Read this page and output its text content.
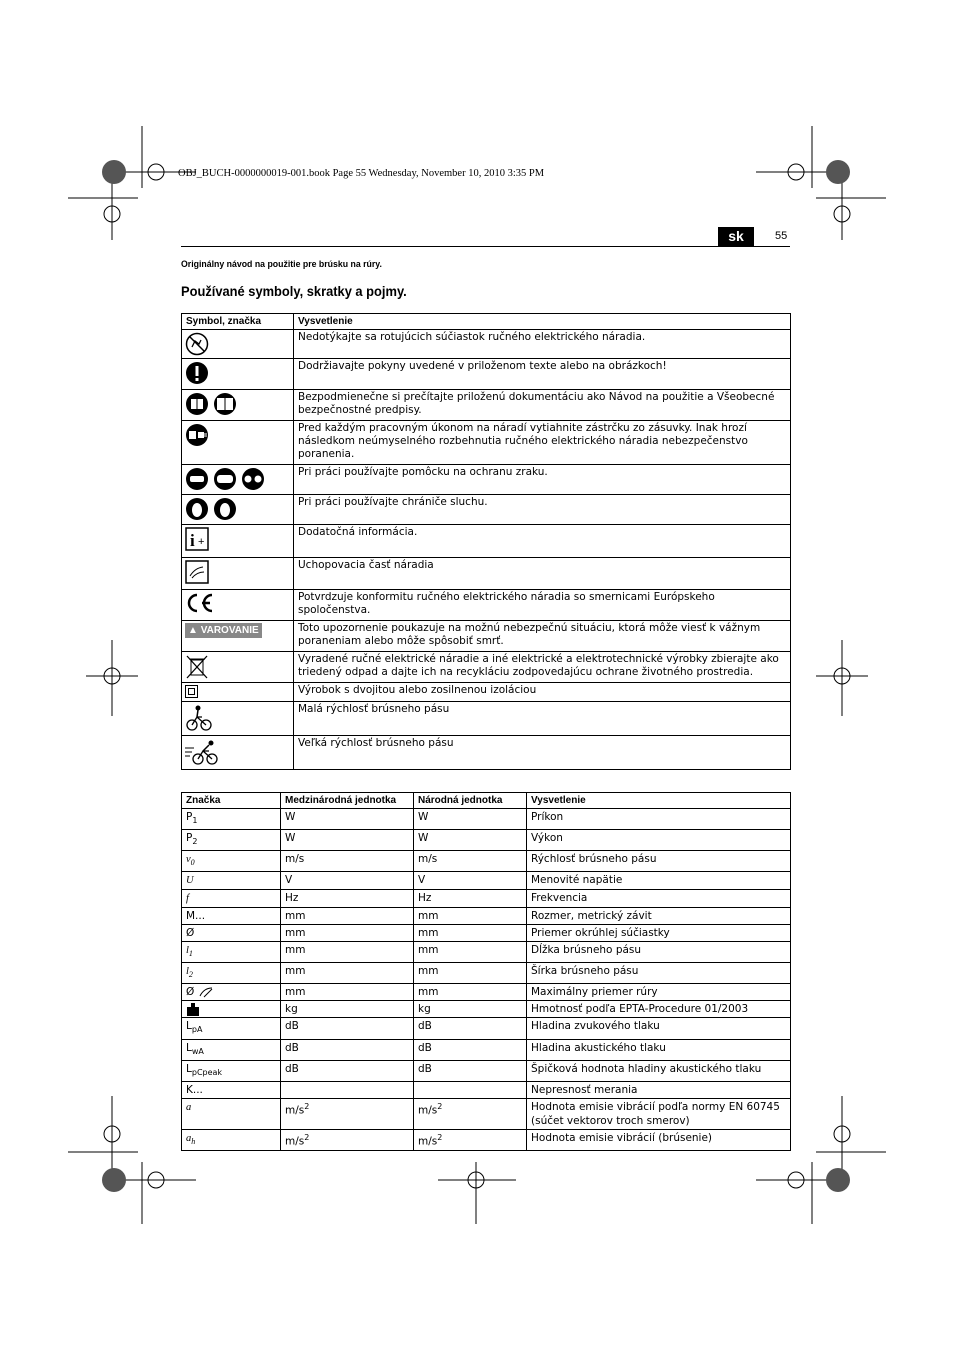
OBJ_BUCH-0000000019-001.book Page 55 Wednesday, November 10, 2010 3:35 PM
sk	55
Originálny návod na použitie pre brúsku na rúry.
Používané symboly, skratky a pojmy.
Symbol, značka	Vysvetlenie
	Nedotýkajte sa rotujúcich súčiastok ručného elektrického náradia.
	Dodržiavajte pokyny uvedené v priloženom texte alebo na obrázkoch!
	Bezpodmienečne si prečítajte priloženú dokumentáciu ako Návod na použitie a Všeobecné bezpečnostné predpisy.
	Pred každým pracovným úkonom na náradí vytiahnite zástrčku zo zásuvky. Inak hrozí následkom neúmyselného rozbehnutia ručného elektrického náradia nebezpečenstvo poranenia.
	Pri práci používajte pomôcku na ochranu zraku.
	Pri práci používajte chrániče sluchu.

i +	Dodatočná informácia.
	Uchopovacia časť náradia
	Potvrdzuje konformitu ručného elektrického náradia so smernicami Európskeho spoločenstva.
▲ VAROVANIE	Toto upozornenie poukazuje na možnú nebezpečnú situáciu, ktorá môže viesť k vážnym poraneniam alebo môže spôsobiť smrť.
	Vyradené ručné elektrické náradie a iné elektrické a elektrotechnické výrobky zbierajte ako triedený odpad a dajte ich na recykláciu zodpovedajúcu ochrane životného prostredia.
	Výrobok s dvojitou alebo zosilnenou izoláciou
	Malá rýchlosť brúsneho pásu
	Veľká rýchlosť brúsneho pásu
Značka	Medzinárodná jednotka	Národná jednotka	Vysvetlenie
$P_1$	W	W	Príkon
$P_2$	W	W	Výkon
$v_0$	m/s	m/s	Rýchlosť brúsneho pásu
U	V	V	Menovité napätie
f	Hz	Hz	Frekvencia
M...	mm	mm	Rozmer, metrický závit
Ø	mm	mm	Priemer okrúhlej súčiastky
$l_1$	mm	mm	Dĺžka brúsneho pásu
$l_2$	mm	mm	Šírka brúsneho pásu
Ø	mm	mm	Maximálny priemer rúry
	kg	kg	Hmotnosť podľa EPTA-Procedure 01/2003
$L_{pA}$	dB	dB	Hladina zvukového tlaku
$L_{wA}$	dB	dB	Hladina akustického tlaku
$L_{pCpeak}$	dB	dB	Špičková hodnota hladiny akustického tlaku
K...			Nepresnosť merania
a	$m/s^2$	$m/s^2$	Hodnota emisie vibrácií podľa normy EN 60745 (súčet vektorov troch smerov)
$a_h$	$m/s^2$	$m/s^2$	Hodnota emisie vibrácií (brúsenie)
